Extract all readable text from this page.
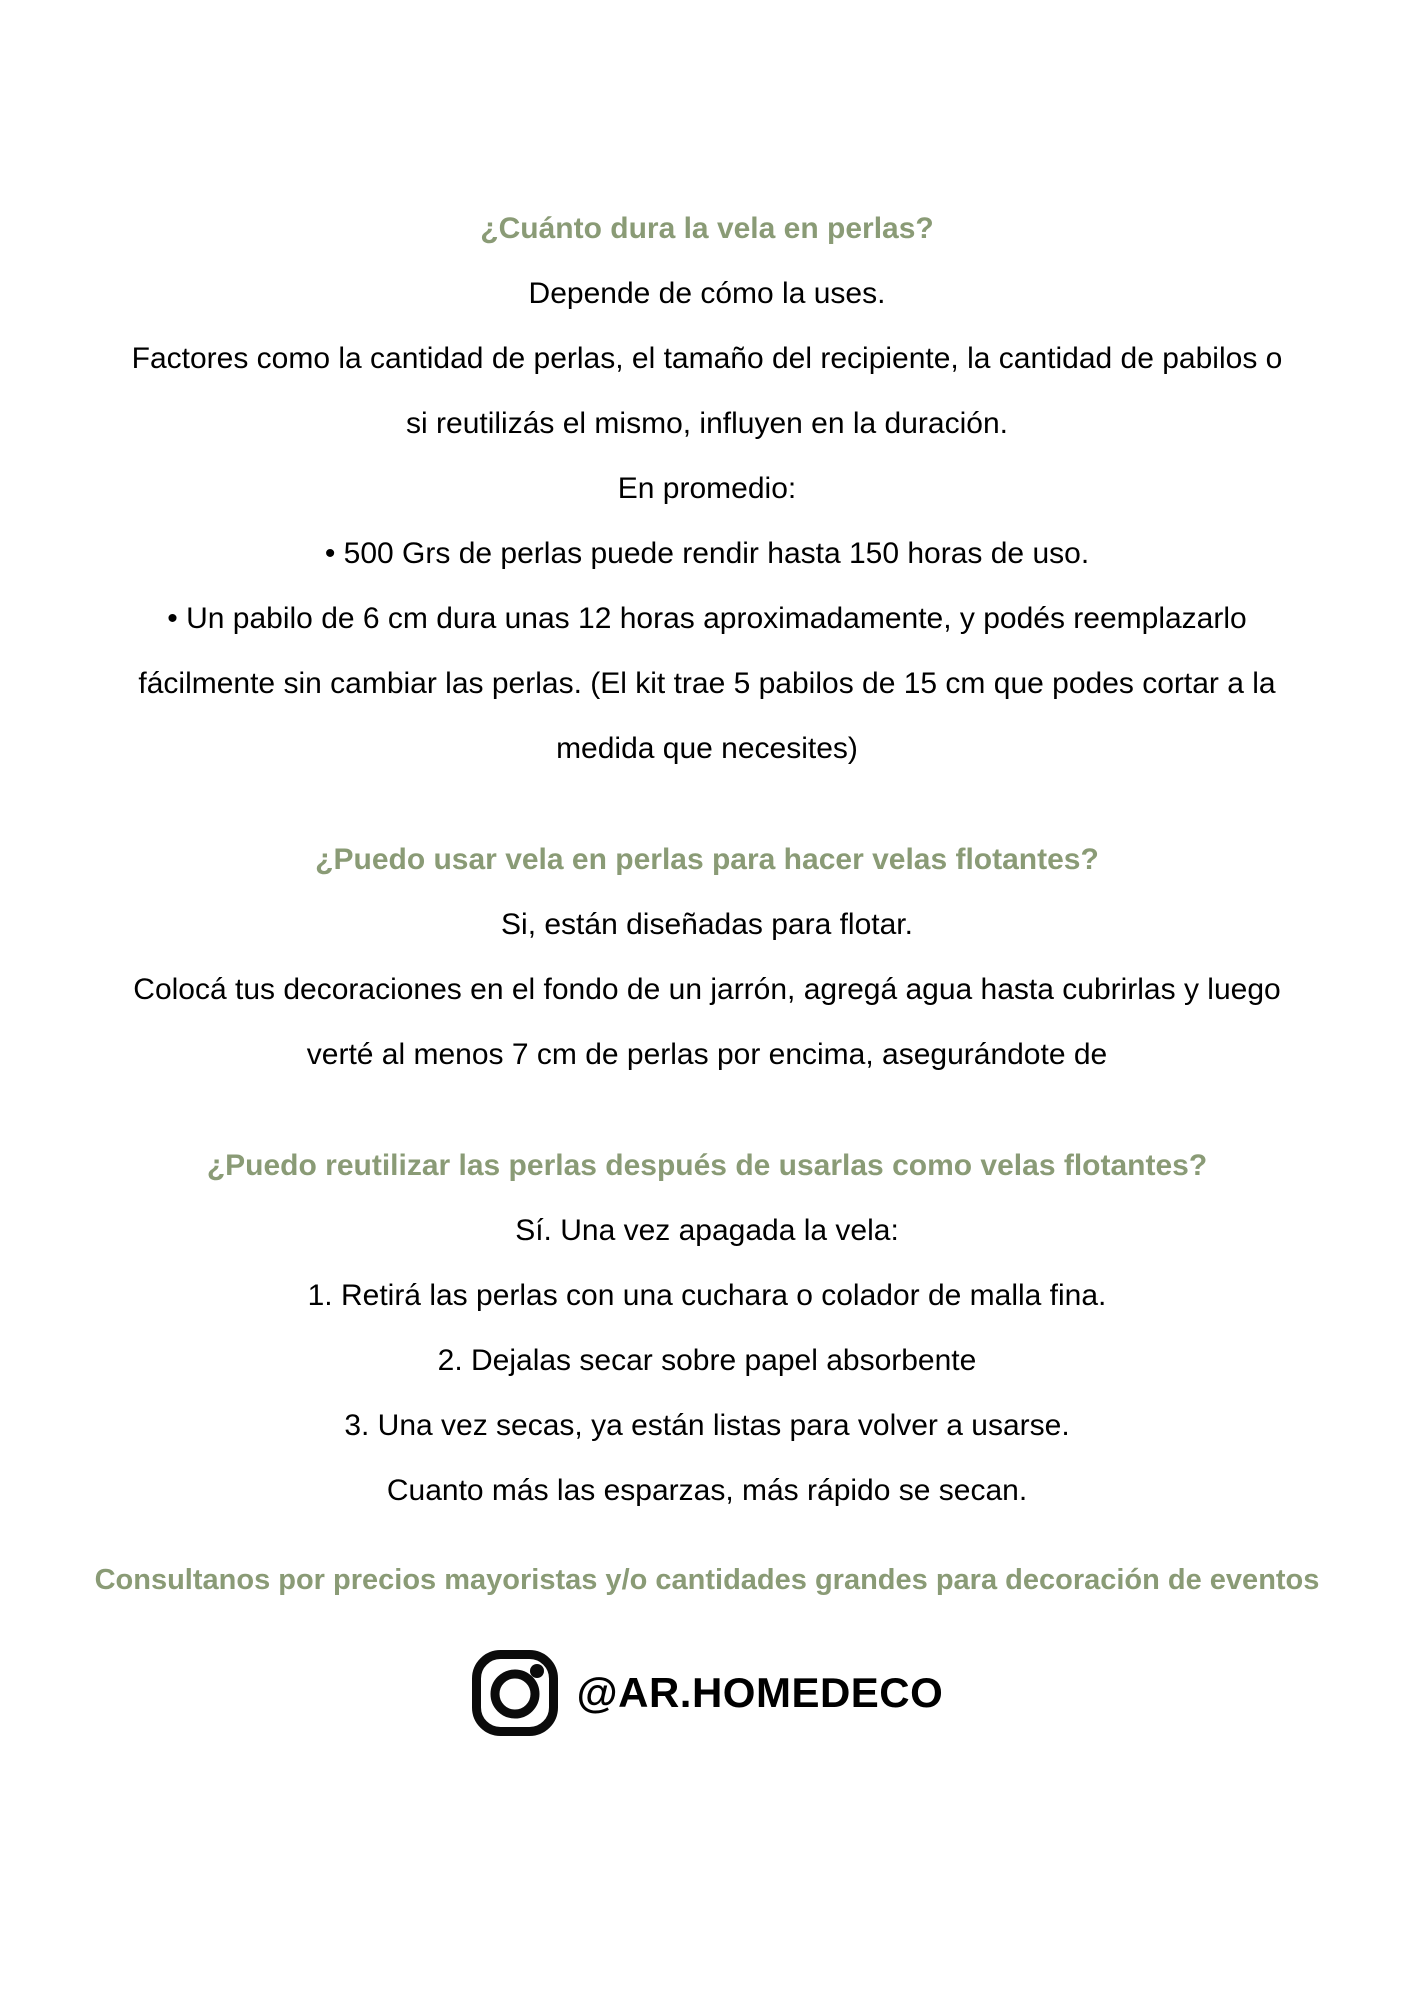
¿Cuánto dura la vela en perlas?
Depende de cómo la uses.
Factores como la cantidad de perlas, el tamaño del recipiente, la cantidad de pabilos o
si reutilizás el mismo, influyen en la duración.
En promedio:
• 500 Grs de perlas puede rendir hasta 150 horas de uso.
• Un pabilo de 6 cm dura unas 12 horas aproximadamente, y podés reemplazarlo
fácilmente sin cambiar las perlas. (El kit trae 5 pabilos de 15 cm que podes cortar a la
medida que necesites)
¿Puedo usar vela en perlas para hacer velas flotantes?
Si, están diseñadas para flotar.
Colocá tus decoraciones en el fondo de un jarrón, agregá agua hasta cubrirlas y luego
verté al menos 7 cm de perlas por encima, asegurándote de
¿Puedo reutilizar las perlas después de usarlas como velas flotantes?
Sí. Una vez apagada la vela:
1. Retirá las perlas con una cuchara o colador de malla fina.
2. Dejalas secar sobre papel absorbente
3. Una vez secas, ya están listas para volver a usarse.
Cuanto más las esparzas, más rápido se secan.

Consultanos por precios mayoristas y/o cantidades grandes para decoración de eventos

@AR.HOMEDECO
